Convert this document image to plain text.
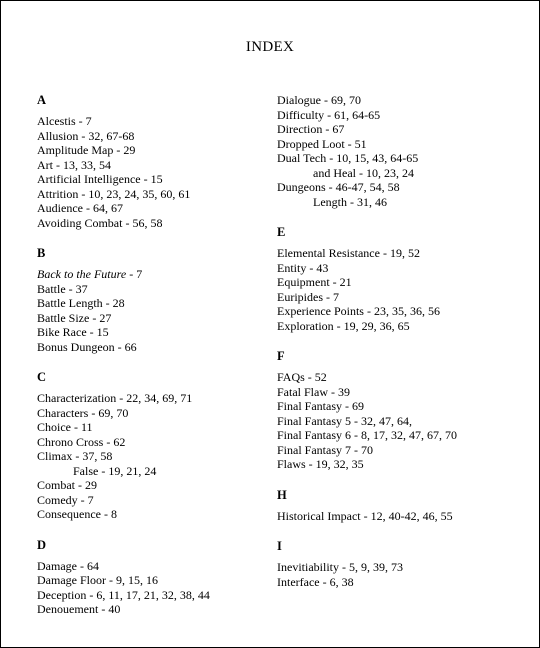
INDEX
A
Alcestis - 7
Allusion - 32, 67-68
Amplitude Map - 29
Art - 13, 33, 54
Artificial Intelligence - 15
Attrition - 10, 23, 24, 35, 60, 61
Audience - 64, 67
Avoiding Combat - 56, 58
B
Back to the Future - 7
Battle - 37
Battle Length - 28
Battle Size - 27
Bike Race - 15
Bonus Dungeon - 66
C
Characterization - 22, 34, 69, 71
Characters - 69, 70
Choice - 11
Chrono Cross - 62
Climax - 37, 58
False - 19, 21, 24
Combat - 29
Comedy - 7
Consequence - 8
D
Damage - 64
Damage Floor - 9, 15, 16
Deception - 6, 11, 17, 21, 32, 38, 44
Denouement - 40
Dialogue - 69, 70
Difficulty - 61, 64-65
Direction - 67
Dropped Loot - 51
Dual Tech - 10, 15, 43, 64-65
and Heal - 10, 23, 24
Dungeons - 46-47, 54, 58
Length - 31, 46
E
Elemental Resistance - 19, 52
Entity - 43
Equipment - 21
Euripides - 7
Experience Points - 23, 35, 36, 56
Exploration - 19, 29, 36, 65
F
FAQs - 52
Fatal Flaw - 39
Final Fantasy - 69
Final Fantasy 5 - 32, 47, 64,
Final Fantasy 6 - 8, 17, 32, 47, 67, 70
Final Fantasy 7 - 70
Flaws - 19, 32, 35
H
Historical Impact - 12, 40-42, 46, 55
I
Inevitiability - 5, 9, 39, 73
Interface - 6, 38
